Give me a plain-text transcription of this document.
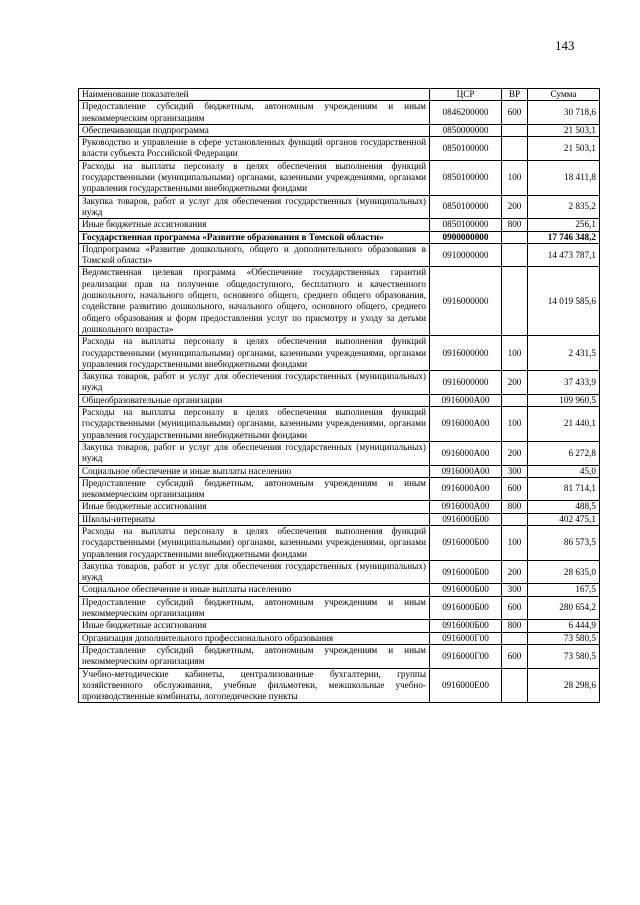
143
Наименование показателей	ЦСР	ВР	Сумма
Предоставление субсидий бюджетным, автономным учреждениям и иным некоммерческим организациям	0846200000	600	30 718,6
Обеспечивающая подпрограмма	0850000000		21 503,1
Руководство и управление в сфере установленных функций органов государственной власти субъекта Российской Федерации	0850100000		21 503,1
Расходы на выплаты персоналу в целях обеспечения выполнения функций государственными (муниципальными) органами, казенными учреждениями, органами управления государственными внебюджетными фондами	0850100000	100	18 411,8
Закупка товаров, работ и услуг для обеспечения государственных (муниципальных) нужд	0850100000	200	2 835,2
Иные бюджетные ассигнования	0850100000	800	256,1
Государственная программа «Развитие образования в Томской области»	0900000000		17 746 348,2
Подпрограмма «Развитие дошкольного, общего и дополнительного образования в Томской области»	0910000000		14 473 787,1
Ведомственная целевая программа «Обеспечение государственных гарантий реализации прав на получение общедоступного, бесплатного и качественного дошкольного, начального общего, основного общего, среднего общего образования, содействие развитию дошкольного, начального общего, основного общего, среднего общего образования и форм предоставления услуг по присмотру и уходу за детьми дошкольного возраста»	0916000000		14 019 585,6
Расходы на выплаты персоналу в целях обеспечения выполнения функций государственными (муниципальными) органами, казенными учреждениями, органами управления государственными внебюджетными фондами	0916000000	100	2 431,5
Закупка товаров, работ и услуг для обеспечения государственных (муниципальных) нужд	0916000000	200	37 433,9
Общеобразовательные организации	0916000А00		109 960,5
Расходы на выплаты персоналу в целях обеспечения выполнения функций государственными (муниципальными) органами, казенными учреждениями, органами управления государственными внебюджетными фондами	0916000А00	100	21 440,1
Закупка товаров, работ и услуг для обеспечения государственных (муниципальных) нужд	0916000А00	200	6 272,8
Социальное обеспечение и иные выплаты населению	0916000А00	300	45,0
Предоставление субсидий бюджетным, автономным учреждениям и иным некоммерческим организациям	0916000А00	600	81 714,1
Иные бюджетные ассигнования	0916000А00	800	488,5
Школы-интернаты	0916000Б00		402 475,1
Расходы на выплаты персоналу в целях обеспечения выполнения функций государственными (муниципальными) органами, казенными учреждениями, органами управления государственными внебюджетными фондами	0916000Б00	100	86 573,5
Закупка товаров, работ и услуг для обеспечения государственных (муниципальных) нужд	0916000Б00	200	28 635,0
Социальное обеспечение и иные выплаты населению	0916000Б00	300	167,5
Предоставление субсидий бюджетным, автономным учреждениям и иным некоммерческим организациям	0916000Б00	600	280 654,2
Иные бюджетные ассигнования	0916000Б00	800	6 444,9
Организация дополнительного профессионального образования	0916000Г00		73 580,5
Предоставление субсидий бюджетным, автономным учреждениям и иным некоммерческим организациям	0916000Г00	600	73 580,5
Учебно-методические кабинеты, централизованные бухгалтерии, группы хозяйственного обслуживания, учебные фильмотеки, межшкольные учебно-производственные комбинаты, логопедические пункты	0916000Е00		28 298,6
